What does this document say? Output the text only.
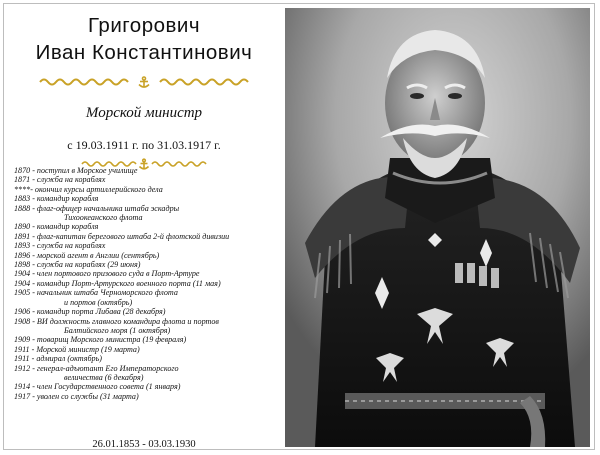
Григорович
Иван Константинович
Морской министр
с 19.03.1911 г. по 31.03.1917 г.
1870 - поступил в Морское училище
1871 - служба на кораблях
****- окончил курсы артиллерийского дела
1883 - командир корабля
1888 - флаг-офицер начальника штаба эскадры
Тихоокеанского флота
1890 - командир корабля
1891 - флаг-капитан берегового штаба 2-й флотской дивизии
1893 - служба на кораблях
1896 - морской агент в Англии (сентябрь)
1898 - служба на кораблях (29 июня)
1904 - член портового призового суда в Порт-Артуре
1904 - командир Порт-Артурского военного порта (11 мая)
1905 - начальник штаба Черноморского флота
и портов (октябрь)
1906 - командир порта Либава (28 декабря)
1908 - ВИ должность главного командира флота и портов
Балтийского моря (1 октября)
1909 - товарищ Морского министра (19 февраля)
1911 - Морской министр (19 марта)
1911 - адмирал (октябрь)
1912 - генерал-адъютант Его Императорского
величества (6 декабря)
1914 - член Государственного совета (1 января)
1917 - уволен со службы (31 марта)
26.01.1853 - 03.03.1930
